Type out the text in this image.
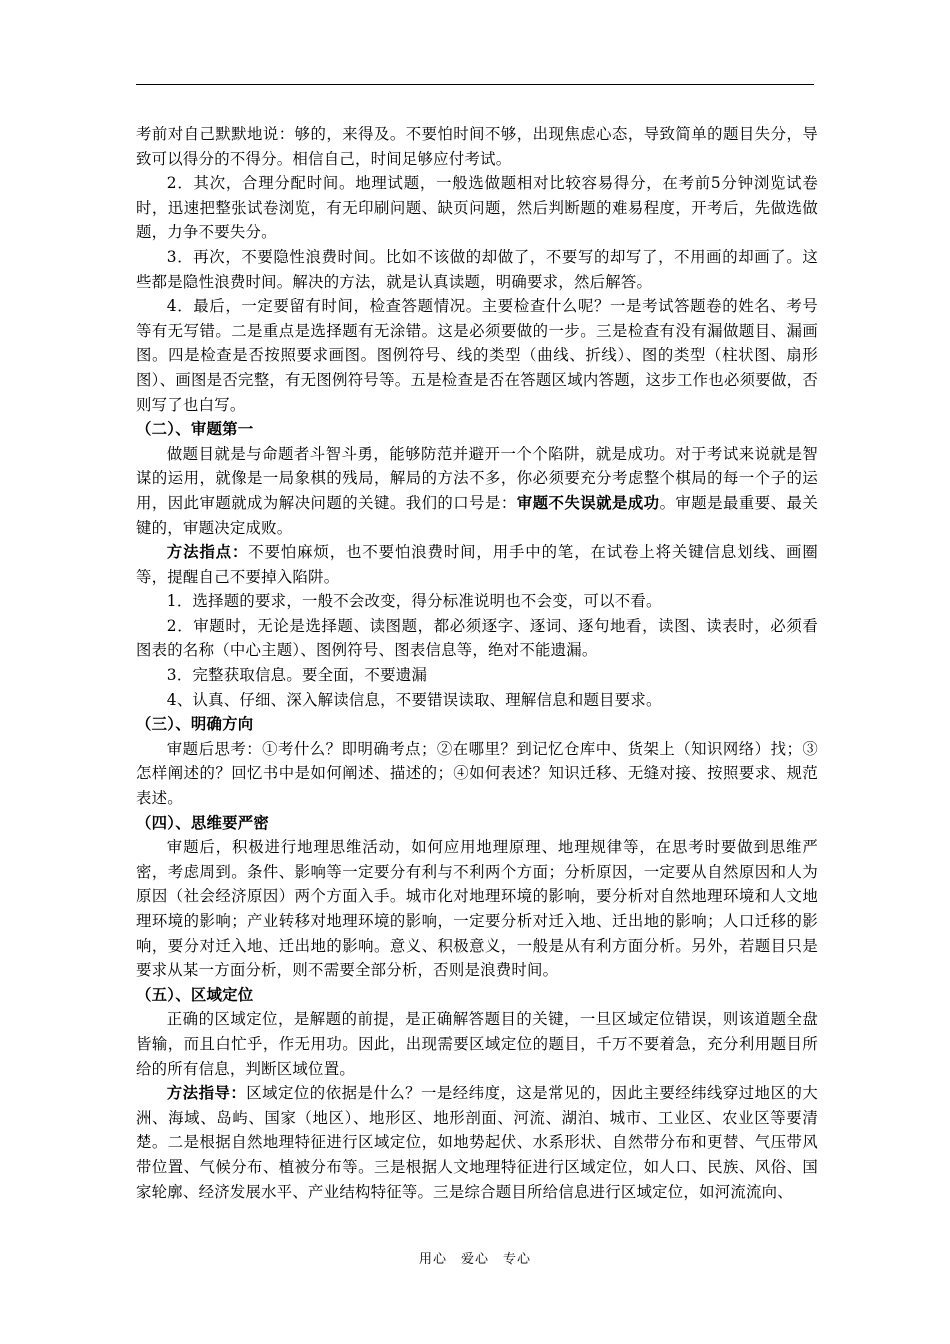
考前对自己默默地说：够的，来得及。不要怕时间不够，出现焦虑心态，导致简单的题目失分，导致可以得分的不得分。相信自己，时间足够应付考试。

2．其次，合理分配时间。地理试题，一般选做题相对比较容易得分，在考前5分钟浏览试卷时，迅速把整张试卷浏览，有无印刷问题、缺页问题，然后判断题的难易程度，开考后，先做选做题，力争不要失分。

3．再次，不要隐性浪费时间。比如不该做的却做了，不要写的却写了，不用画的却画了。这些都是隐性浪费时间。解决的方法，就是认真读题，明确要求，然后解答。

4．最后，一定要留有时间，检查答题情况。主要检查什么呢？一是考试答题卷的姓名、考号等有无写错。二是重点是选择题有无涂错。这是必须要做的一步。三是检查有没有漏做题目、漏画图。四是检查是否按照要求画图。图例符号、线的类型（曲线、折线）、图的类型（柱状图、扇形图）、画图是否完整，有无图例符号等。五是检查是否在答题区域内答题，这步工作也必须要做，否则写了也白写。

（二）、审题第一

做题目就是与命题者斗智斗勇，能够防范并避开一个个陷阱，就是成功。对于考试来说就是智谋的运用，就像是一局象棋的残局，解局的方法不多，你必须要充分考虑整个棋局的每一个子的运用，因此审题就成为解决问题的关键。我们的口号是：审题不失误就是成功。审题是最重要、最关键的，审题决定成败。

方法指点：不要怕麻烦，也不要怕浪费时间，用手中的笔，在试卷上将关键信息划线、画圈等，提醒自己不要掉入陷阱。

1．选择题的要求，一般不会改变，得分标准说明也不会变，可以不看。

2．审题时，无论是选择题、读图题，都必须逐字、逐词、逐句地看，读图、读表时，必须看图表的名称（中心主题）、图例符号、图表信息等，绝对不能遗漏。

3．完整获取信息。要全面，不要遗漏

4、认真、仔细、深入解读信息，不要错误读取、理解信息和题目要求。

（三）、明确方向

审题后思考：①考什么？即明确考点；②在哪里？到记忆仓库中、货架上（知识网络）找；③怎样阐述的？回忆书中是如何阐述、描述的；④如何表述？知识迁移、无缝对接、按照要求、规范表述。

（四）、思维要严密

审题后，积极进行地理思维活动，如何应用地理原理、地理规律等，在思考时要做到思维严密，考虑周到。条件、影响等一定要分有利与不利两个方面；分析原因，一定要从自然原因和人为原因（社会经济原因）两个方面入手。城市化对地理环境的影响，要分析对自然地理环境和人文地理环境的影响；产业转移对地理环境的影响，一定要分析对迁入地、迁出地的影响；人口迁移的影响，要分对迁入地、迁出地的影响。意义、积极意义，一般是从有利方面分析。另外，若题目只是要求从某一方面分析，则不需要全部分析，否则是浪费时间。

（五）、区域定位

正确的区域定位，是解题的前提，是正确解答题目的关键，一旦区域定位错误，则该道题全盘皆输，而且白忙乎，作无用功。因此，出现需要区域定位的题目，千万不要着急，充分利用题目所给的所有信息，判断区域位置。

方法指导：区域定位的依据是什么？一是经纬度，这是常见的，因此主要经纬线穿过地区的大洲、海域、岛屿、国家（地区）、地形区、地形剖面、河流、湖泊、城市、工业区、农业区等要清楚。二是根据自然地理特征进行区域定位，如地势起伏、水系形状、自然带分布和更替、气压带风带位置、气候分布、植被分布等。三是根据人文地理特征进行区域定位，如人口、民族、风俗、国家轮廓、经济发展水平、产业结构特征等。三是综合题目所给信息进行区域定位，如河流流向、

用心　爱心　专心
